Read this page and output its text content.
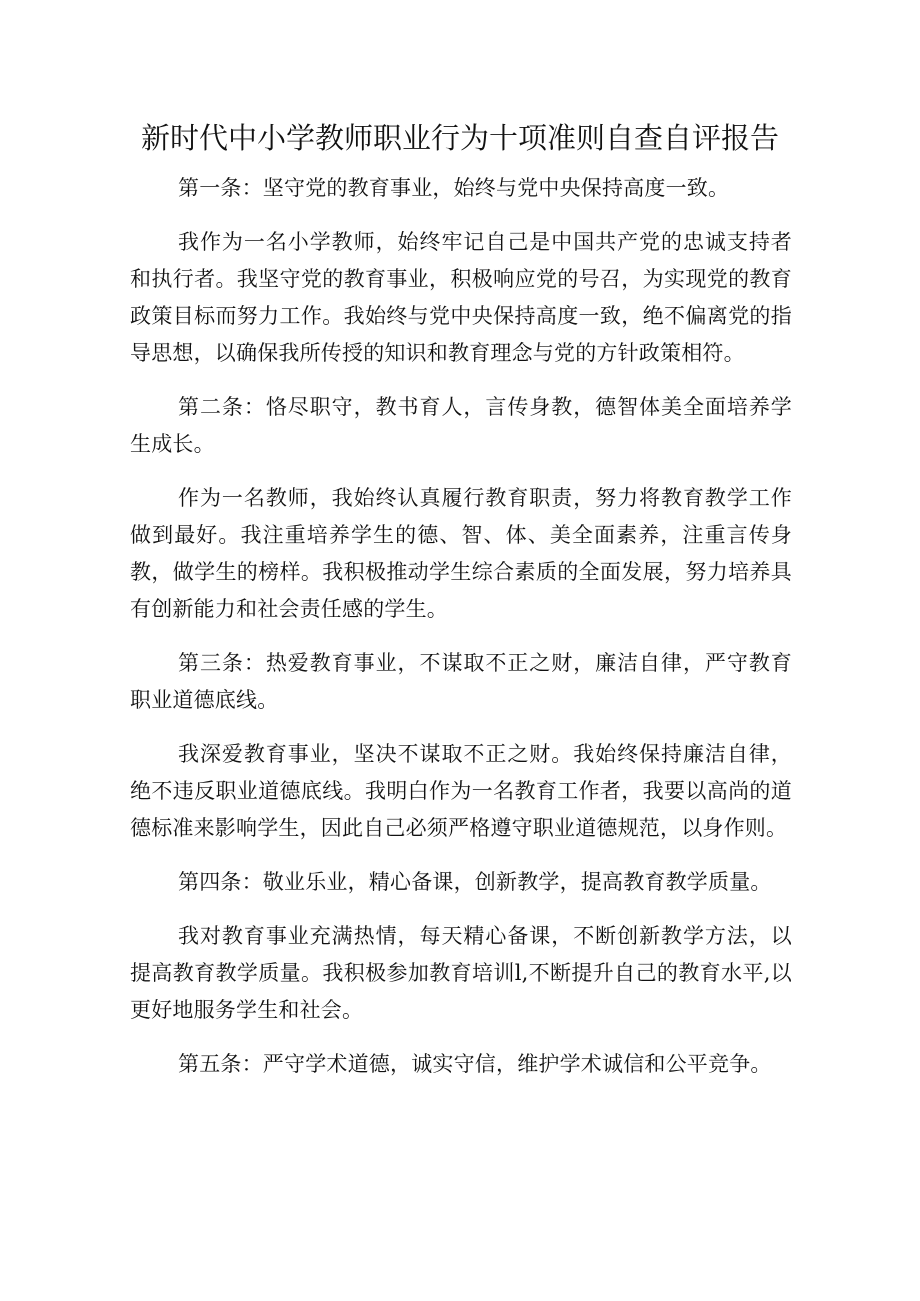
新时代中小学教师职业行为十项准则自查自评报告

第一条：坚守党的教育事业，始终与党中央保持高度一致。

我作为一名小学教师，始终牢记自己是中国共产党的忠诚支持者和执行者。我坚守党的教育事业，积极响应党的号召，为实现党的教育政策目标而努力工作。我始终与党中央保持高度一致，绝不偏离党的指导思想，以确保我所传授的知识和教育理念与党的方针政策相符。

第二条：恪尽职守，教书育人，言传身教，德智体美全面培养学生成长。

作为一名教师，我始终认真履行教育职责，努力将教育教学工作做到最好。我注重培养学生的德、智、体、美全面素养，注重言传身教，做学生的榜样。我积极推动学生综合素质的全面发展，努力培养具有创新能力和社会责任感的学生。

第三条：热爱教育事业，不谋取不正之财，廉洁自律，严守教育职业道德底线。

我深爱教育事业，坚决不谋取不正之财。我始终保持廉洁自律，绝不违反职业道德底线。我明白作为一名教育工作者，我要以高尚的道德标准来影响学生，因此自己必须严格遵守职业道德规范，以身作则。

第四条：敬业乐业，精心备课，创新教学，提高教育教学质量。

我对教育事业充满热情，每天精心备课，不断创新教学方法，以提高教育教学质量。我积极参加教育培训l,不断提升自己的教育水平,以更好地服务学生和社会。

第五条：严守学术道德，诚实守信，维护学术诚信和公平竞争。
